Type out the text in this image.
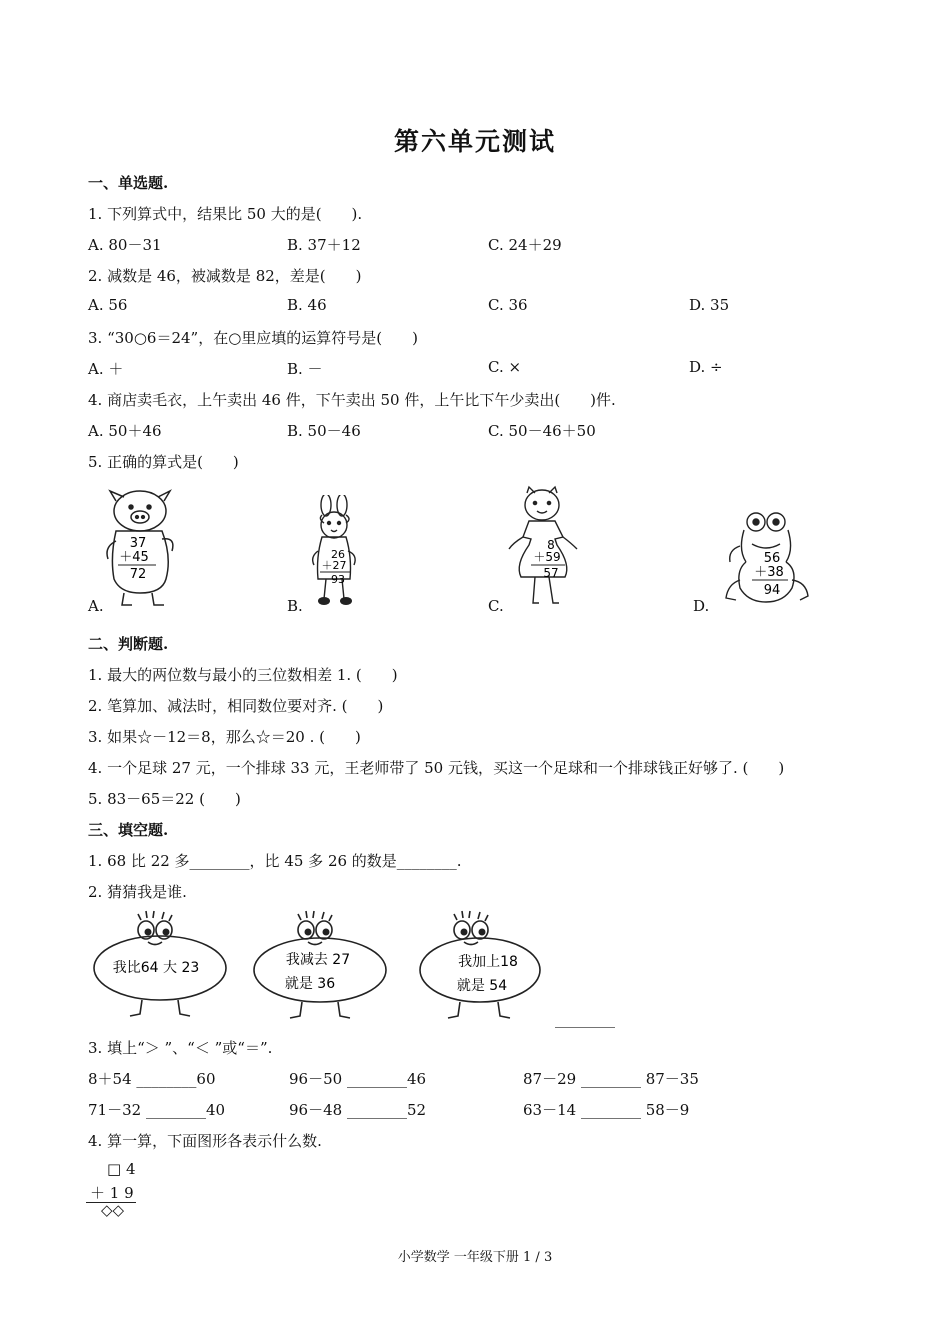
第六单元测试
一、单选题.
1. 下列算式中，结果比 50 大的是(　　).
A. 80－31	B. 37＋12	C. 24＋29
2. 减数是 46，被减数是 82，差是(　　)
A. 56	B. 46	C. 36	D. 35
3. “30○6＝24”，在○里应填的运算符号是(　　)
A. ＋	B. －	C. ×	D. ÷
4. 商店卖毛衣，上午卖出 46 件，下午卖出 50 件，上午比下午少卖出(　　)件.
A. 50＋46	B. 50－46	C. 50－46＋50
5. 正确的算式是(　　)
A.	B.	C.	D.
37
＋45
72
26
＋27
93
8
＋59
57
56
＋38
94
二、判断题.
1. 最大的两位数与最小的三位数相差 1. (　　)
2. 笔算加、减法时，相同数位要对齐. (　　)
3. 如果☆－12＝8，那么☆＝20 . (　　)
4. 一个足球 27 元，一个排球 33 元，王老师带了 50 元钱，买这一个足球和一个排球钱正好够了. (　　)
5. 83－65＝22 (　　)
三、填空题.
1. 68 比 22 多________，比 45 多 26 的数是________.
2. 猜猜我是谁.
我比64 大 23	我减去 27
就是 36
我加上18
就是 54
________
3. 填上“＞ ”、“＜ ”或“＝”.
8＋54 ________60	96－50 ________46	87－29 ________ 87－35
71－32 ________40	96－48 ________52	63－14 ________ 58－9
4. 算一算，下面图形各表示什么数.
□ 4
＋ 1 9
◇◇
小学数学 一年级下册 1 / 3
